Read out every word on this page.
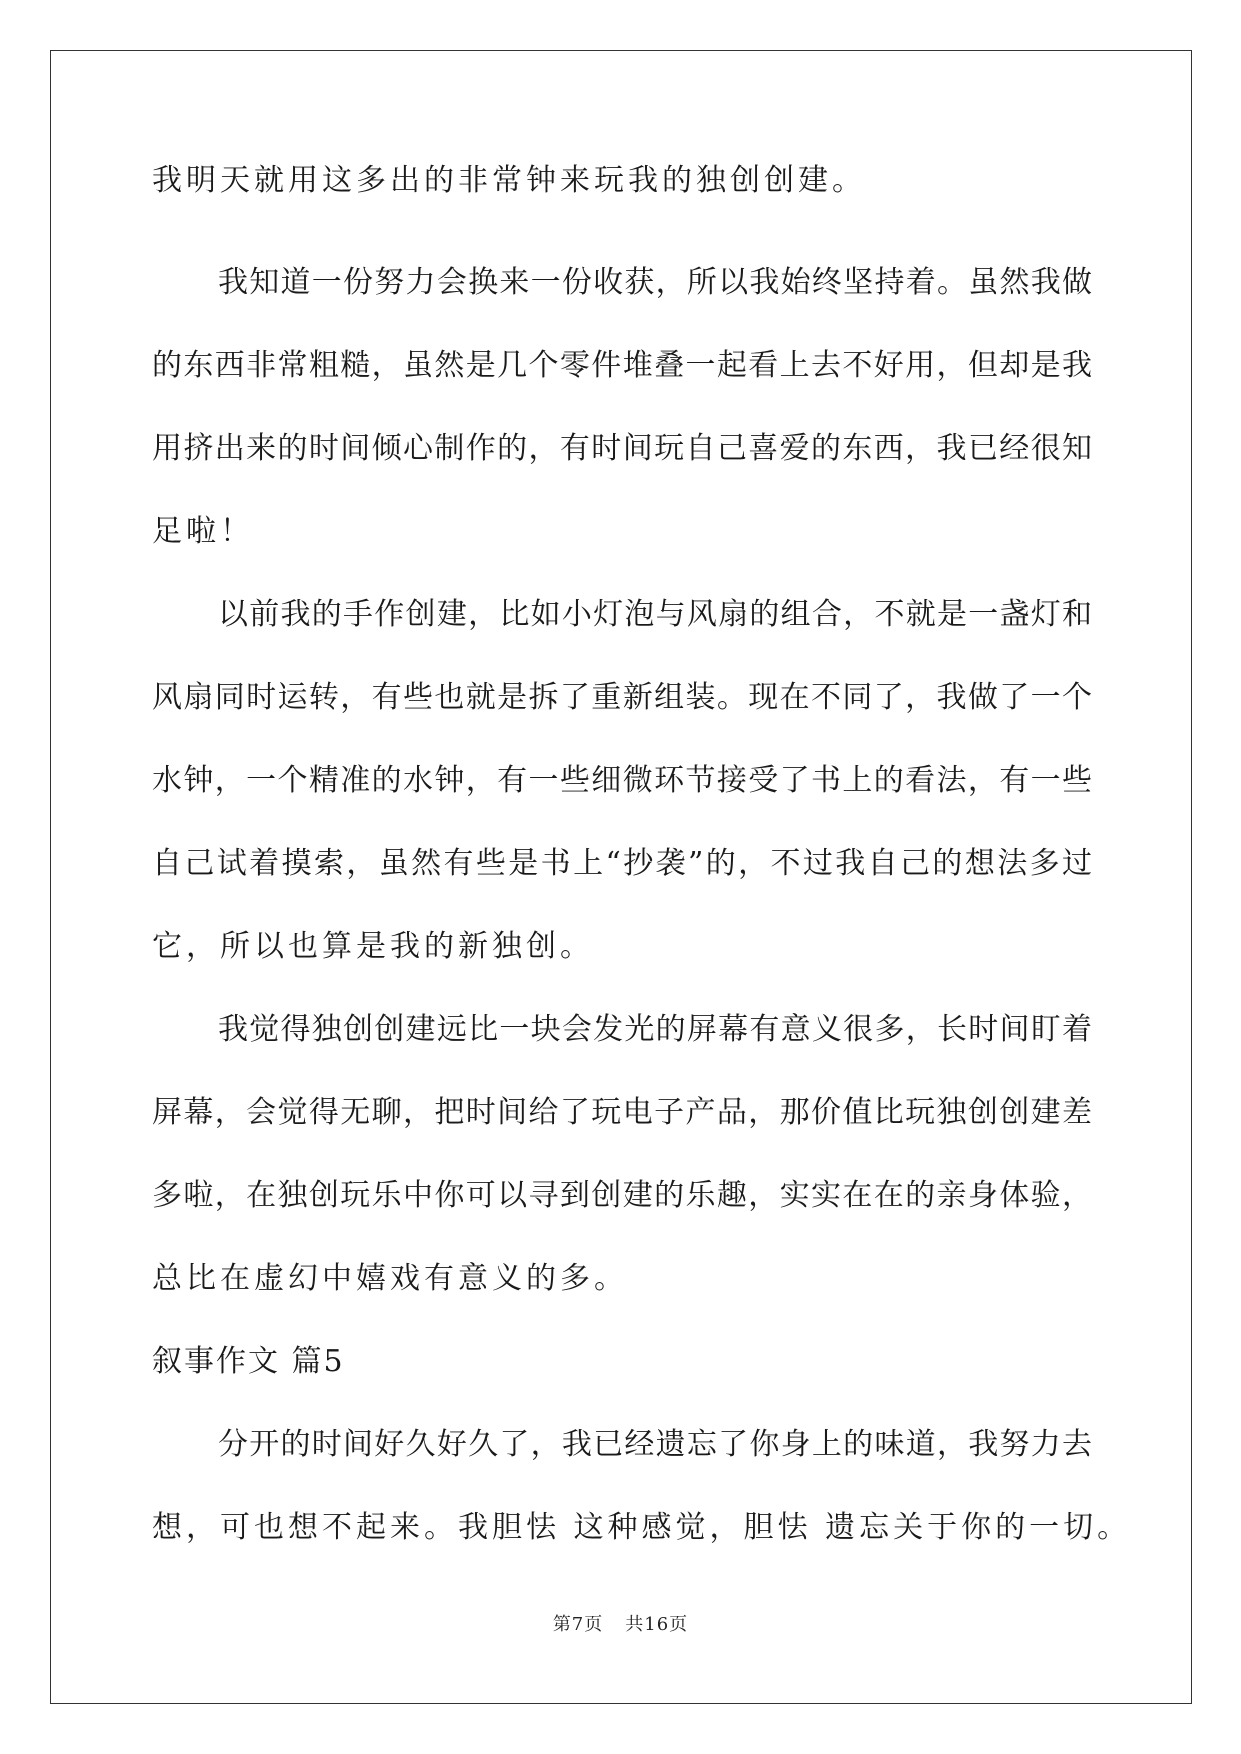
我明天就用这多出的非常钟来玩我的独创创建。
我知道一份努力会换来一份收获，所以我始终坚持着。虽然我做
的东西非常粗糙，虽然是几个零件堆叠一起看上去不好用，但却是我
用挤出来的时间倾心制作的，有时间玩自己喜爱的东西，我已经很知
足啦！
以前我的手作创建，比如小灯泡与风扇的组合，不就是一盏灯和
风扇同时运转，有些也就是拆了重新组装。现在不同了，我做了一个
水钟，一个精准的水钟，有一些细微环节接受了书上的看法，有一些
自己试着摸索，虽然有些是书上“抄袭”的，不过我自己的想法多过
它，所以也算是我的新独创。
我觉得独创创建远比一块会发光的屏幕有意义很多，长时间盯着
屏幕，会觉得无聊，把时间给了玩电子产品，那价值比玩独创创建差
多啦，在独创玩乐中你可以寻到创建的乐趣，实实在在的亲身体验，
总比在虚幻中嬉戏有意义的多。
叙事作文 篇5
分开的时间好久好久了，我已经遗忘了你身上的味道，我努力去
想，可也想不起来。我胆怯 这种感觉，胆怯 遗忘关于你的一切。
第7页 共16页
